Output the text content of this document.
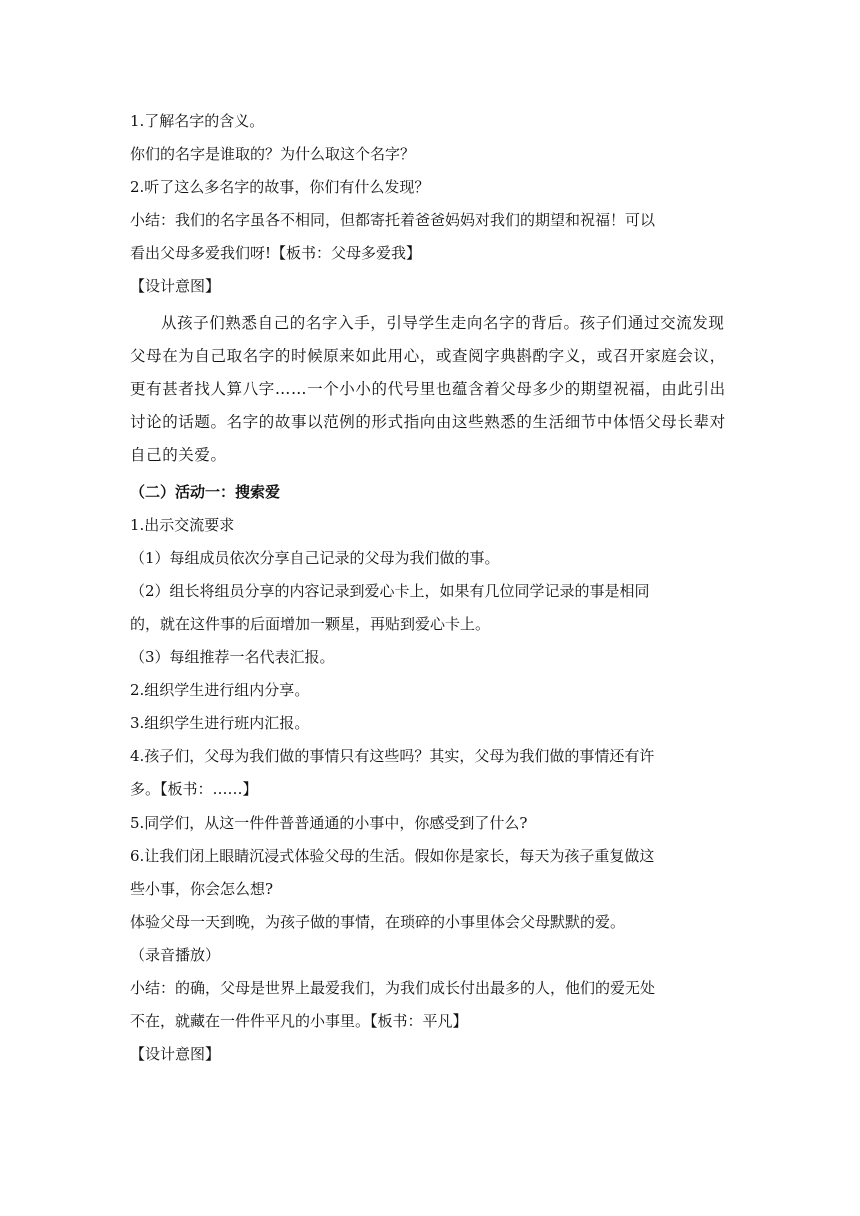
1.了解名字的含义。
你们的名字是谁取的？为什么取这个名字？
2.听了这么多名字的故事，你们有什么发现？
小结：我们的名字虽各不相同，但都寄托着爸爸妈妈对我们的期望和祝福！可以
看出父母多爱我们呀!【板书：父母多爱我】
【设计意图】
从孩子们熟悉自己的名字入手，引导学生走向名字的背后。孩子们通过交流发现父母在为自己取名字的时候原来如此用心，或查阅字典斟酌字义，或召开家庭会议，更有甚者找人算八字……一个小小的代号里也蕴含着父母多少的期望祝福，由此引出讨论的话题。名字的故事以范例的形式指向由这些熟悉的生活细节中体悟父母长辈对自己的关爱。
（二）活动一：搜索爱
1.出示交流要求
（1）每组成员依次分享自己记录的父母为我们做的事。
（2）组长将组员分享的内容记录到爱心卡上，如果有几位同学记录的事是相同
的，就在这件事的后面增加一颗星，再贴到爱心卡上。
（3）每组推荐一名代表汇报。
2.组织学生进行组内分享。
3.组织学生进行班内汇报。
4.孩子们，父母为我们做的事情只有这些吗？其实，父母为我们做的事情还有许
多。【板书：……】
5.同学们，从这一件件普普通通的小事中，你感受到了什么?
6.让我们闭上眼睛沉浸式体验父母的生活。假如你是家长，每天为孩子重复做这
些小事，你会怎么想?
体验父母一天到晚，为孩子做的事情，在琐碎的小事里体会父母默默的爱。
（录音播放）
小结：的确，父母是世界上最爱我们，为我们成长付出最多的人，他们的爱无处
不在，就藏在一件件平凡的小事里。【板书：平凡】
【设计意图】
